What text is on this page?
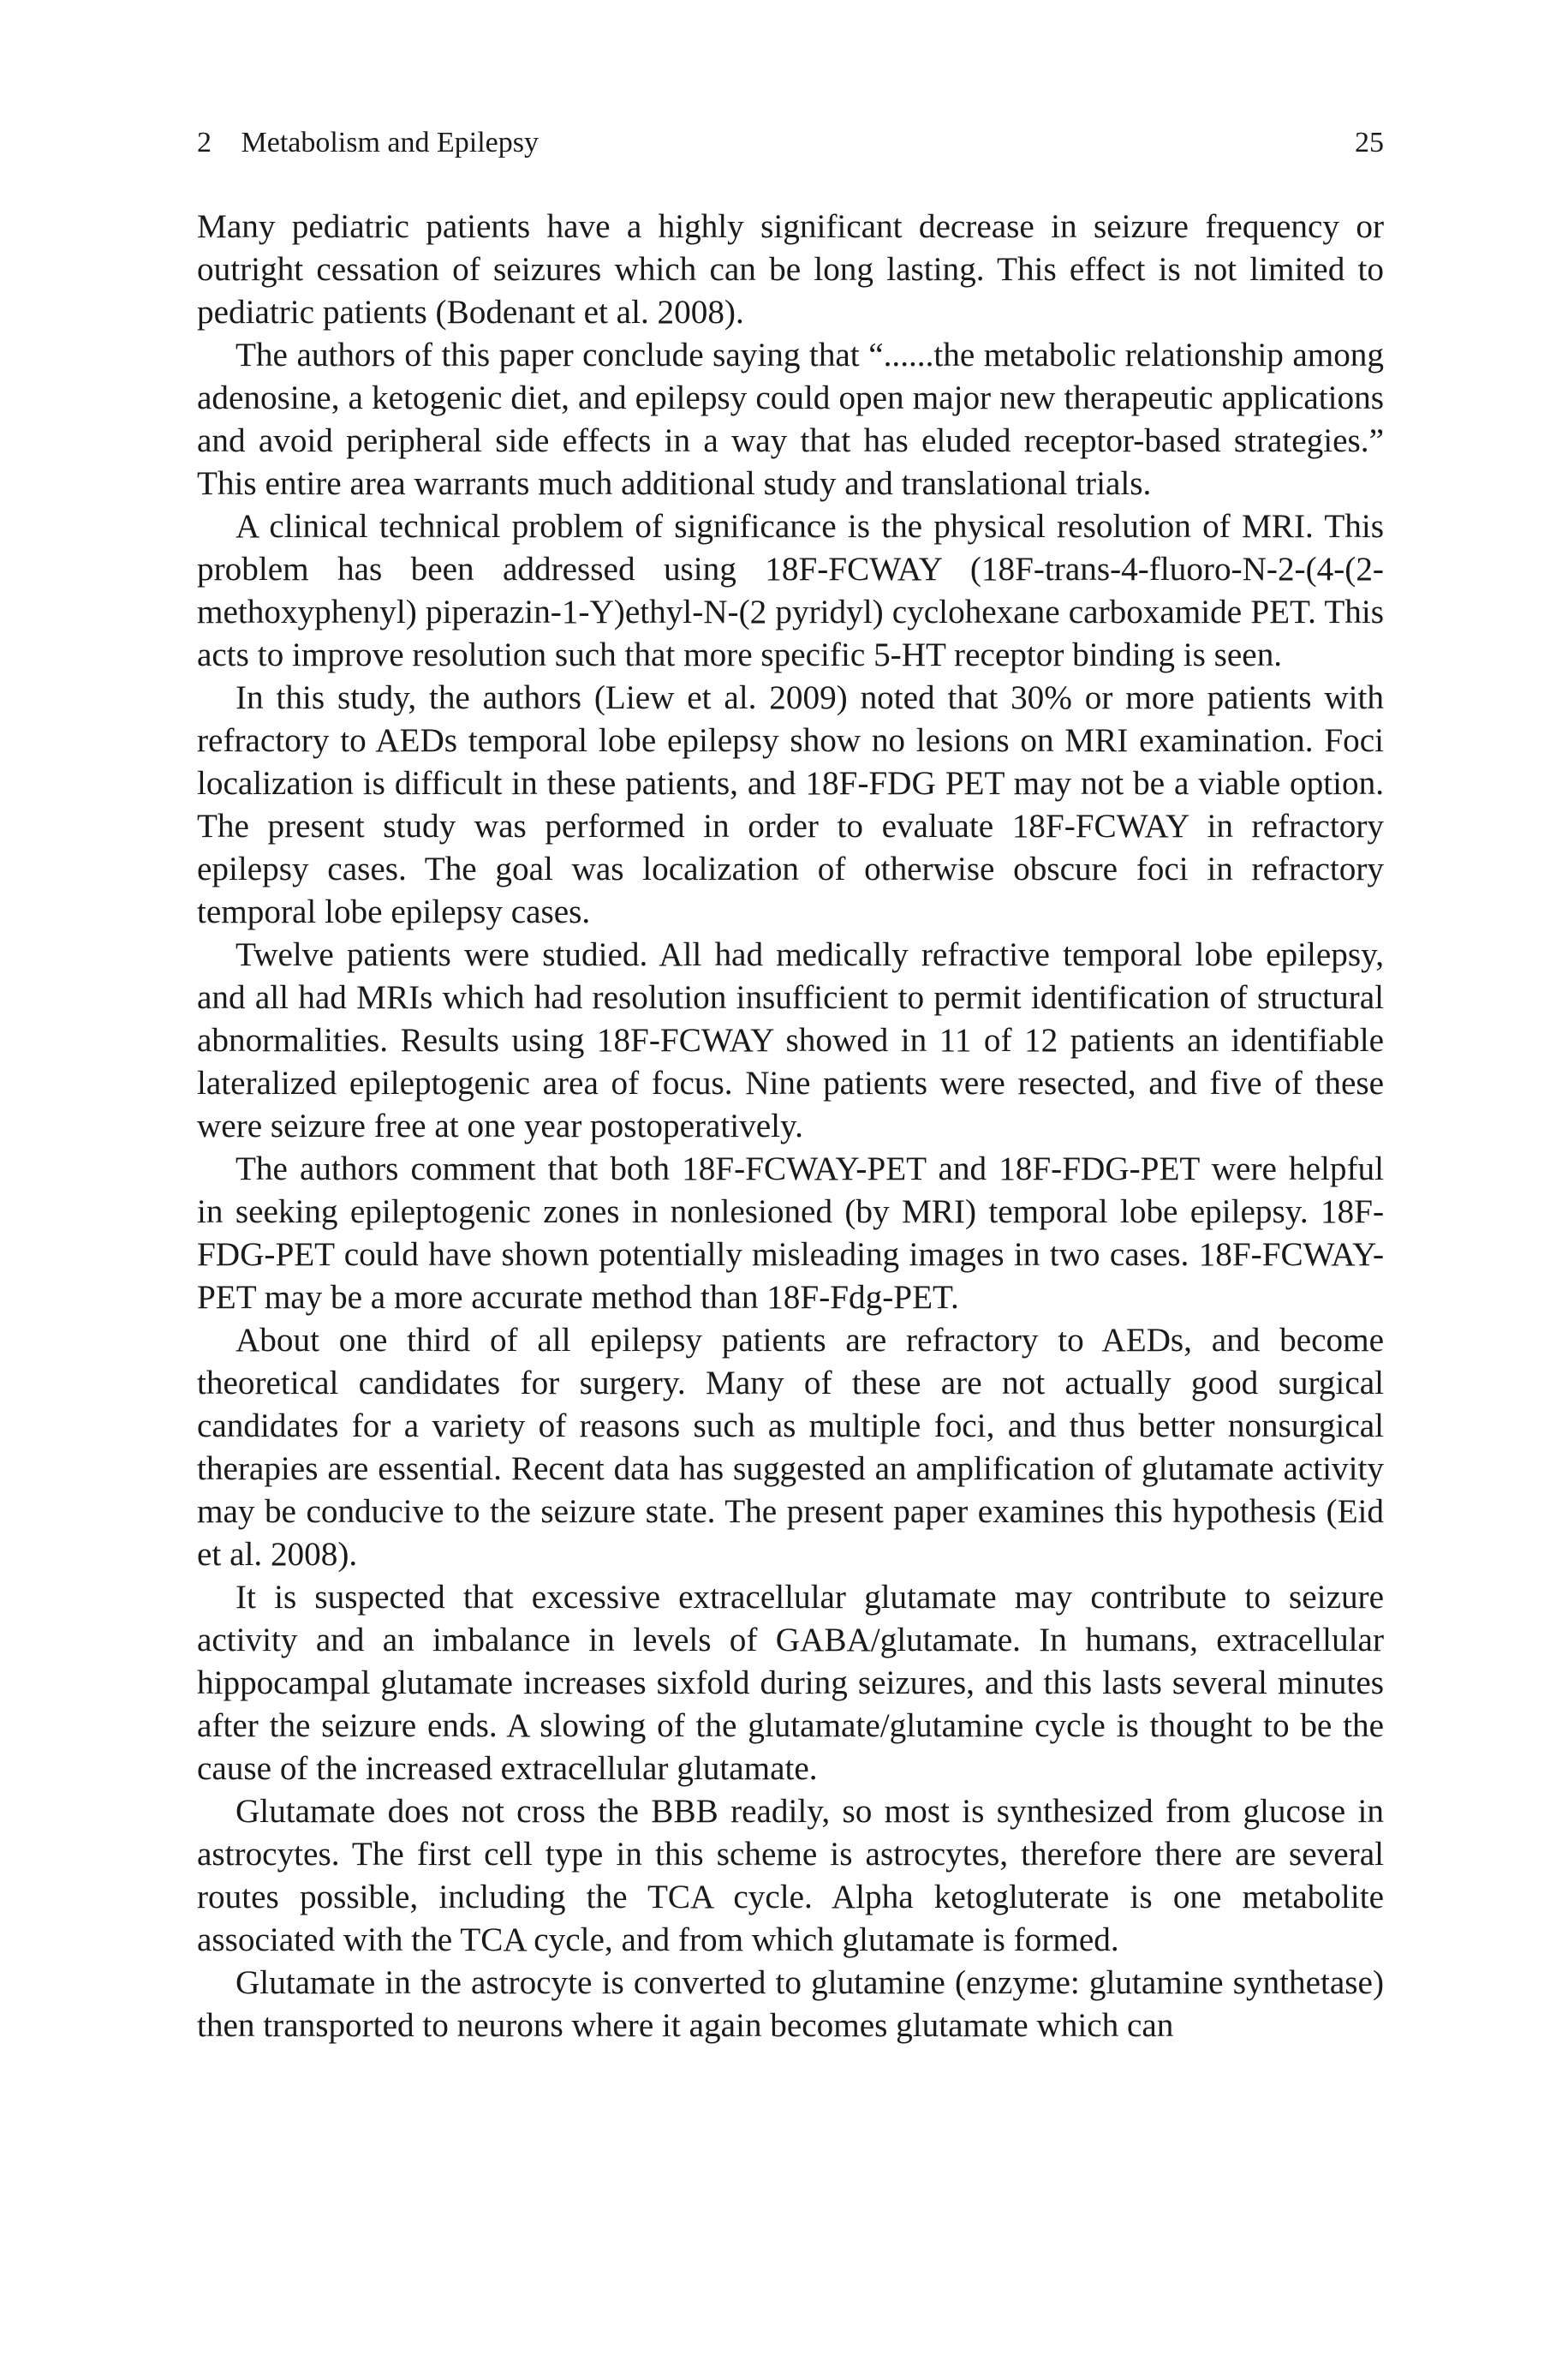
2 Metabolism and Epilepsy	25

Many pediatric patients have a highly significant decrease in seizure frequency or outright cessation of seizures which can be long lasting. This effect is not limited to pediatric patients (Bodenant et al. 2008).

The authors of this paper conclude saying that “......the metabolic relationship among adenosine, a ketogenic diet, and epilepsy could open major new therapeutic applications and avoid peripheral side effects in a way that has eluded receptor-based strategies.” This entire area warrants much additional study and translational trials.

A clinical technical problem of significance is the physical resolution of MRI. This problem has been addressed using 18F-FCWAY (18F-trans-4-fluoro-N-2-(4-(2-methoxyphenyl) piperazin-1-Y)ethyl-N-(2 pyridyl) cyclohexane carboxamide PET. This acts to improve resolution such that more specific 5-HT receptor binding is seen.

In this study, the authors (Liew et al. 2009) noted that 30% or more patients with refractory to AEDs temporal lobe epilepsy show no lesions on MRI examination. Foci localization is difficult in these patients, and 18F-FDG PET may not be a viable option. The present study was performed in order to evaluate 18F-FCWAY in refractory epilepsy cases. The goal was localization of otherwise obscure foci in refractory temporal lobe epilepsy cases.

Twelve patients were studied. All had medically refractive temporal lobe epilepsy, and all had MRIs which had resolution insufficient to permit identification of structural abnormalities. Results using 18F-FCWAY showed in 11 of 12 patients an identifiable lateralized epileptogenic area of focus. Nine patients were resected, and five of these were seizure free at one year postoperatively.

The authors comment that both 18F-FCWAY-PET and 18F-FDG-PET were helpful in seeking epileptogenic zones in nonlesioned (by MRI) temporal lobe epilepsy. 18F-FDG-PET could have shown potentially misleading images in two cases. 18F-FCWAY-PET may be a more accurate method than 18F-Fdg-PET.

About one third of all epilepsy patients are refractory to AEDs, and become theoretical candidates for surgery. Many of these are not actually good surgical candidates for a variety of reasons such as multiple foci, and thus better nonsurgical therapies are essential. Recent data has suggested an amplification of glutamate activity may be conducive to the seizure state. The present paper examines this hypothesis (Eid et al. 2008).

It is suspected that excessive extracellular glutamate may contribute to seizure activity and an imbalance in levels of GABA/glutamate. In humans, extracellular hippocampal glutamate increases sixfold during seizures, and this lasts several minutes after the seizure ends. A slowing of the glutamate/glutamine cycle is thought to be the cause of the increased extracellular glutamate.

Glutamate does not cross the BBB readily, so most is synthesized from glucose in astrocytes. The first cell type in this scheme is astrocytes, therefore there are several routes possible, including the TCA cycle. Alpha ketogluterate is one metabolite associated with the TCA cycle, and from which glutamate is formed.

Glutamate in the astrocyte is converted to glutamine (enzyme: glutamine synthetase) then transported to neurons where it again becomes glutamate which can
